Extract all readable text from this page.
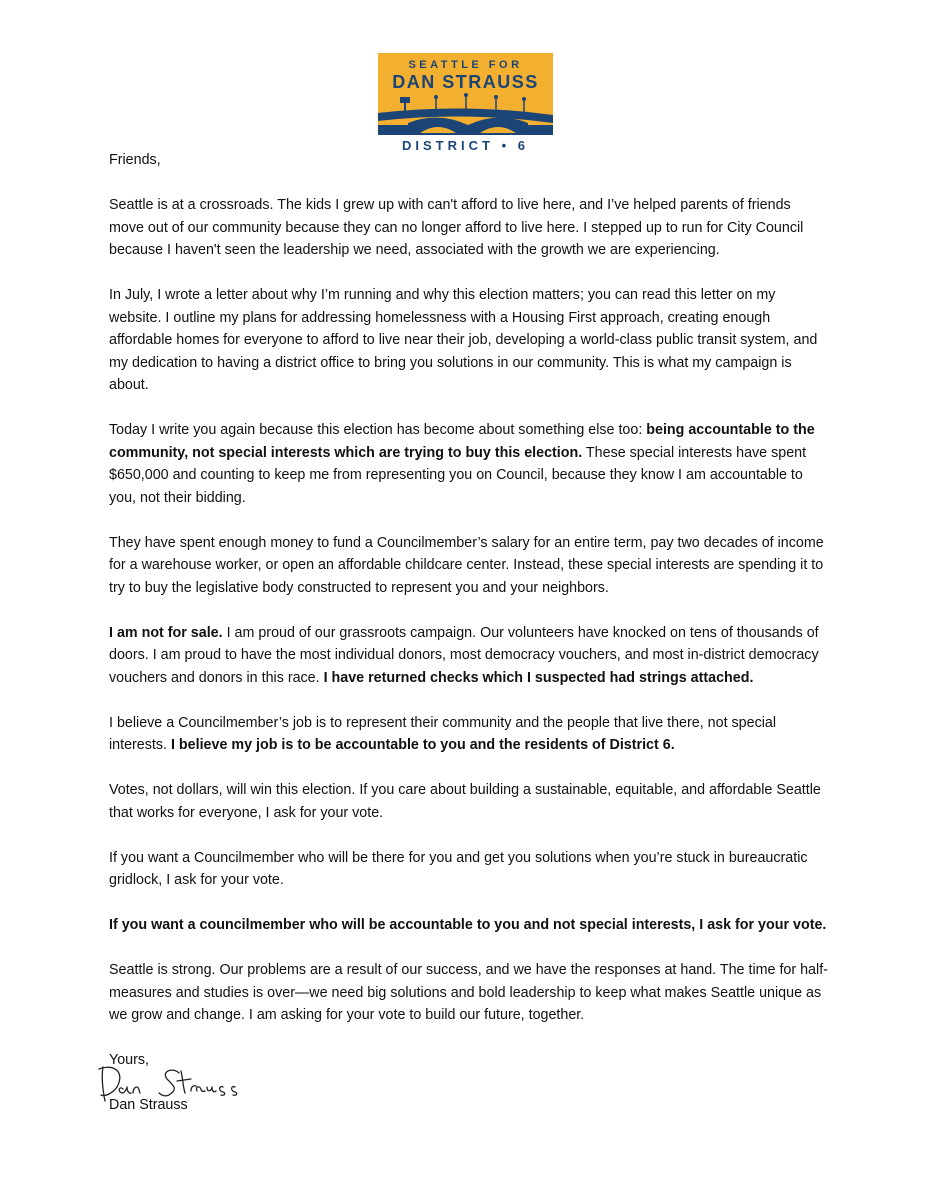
SEATTLE FOR
DAN STRAUSS
DISTRICT • 6

Friends,

Seattle is at a crossroads. The kids I grew up with can't afford to live here, and I’ve helped parents of friends move out of our community because they can no longer afford to live here. I stepped up to run for City Council because I haven't seen the leadership we need, associated with the growth we are experiencing.

In July, I wrote a letter about why I’m running and why this election matters; you can read this letter on my website. I outline my plans for addressing homelessness with a Housing First approach, creating enough affordable homes for everyone to afford to live near their job, developing a world-class public transit system, and my dedication to having a district office to bring you solutions in our community. This is what my campaign is about.

Today I write you again because this election has become about something else too: being accountable to the community, not special interests which are trying to buy this election. These special interests have spent $650,000 and counting to keep me from representing you on Council, because they know I am accountable to you, not their bidding.

They have spent enough money to fund a Councilmember’s salary for an entire term, pay two decades of income for a warehouse worker, or open an affordable childcare center. Instead, these special interests are spending it to try to buy the legislative body constructed to represent you and your neighbors.

I am not for sale. I am proud of our grassroots campaign. Our volunteers have knocked on tens of thousands of doors. I am proud to have the most individual donors, most democracy vouchers, and most in-district democracy vouchers and donors in this race. I have returned checks which I suspected had strings attached.

I believe a Councilmember’s job is to represent their community and the people that live there, not special interests. I believe my job is to be accountable to you and the residents of District 6.

Votes, not dollars, will win this election. If you care about building a sustainable, equitable, and affordable Seattle that works for everyone, I ask for your vote.

If you want a Councilmember who will be there for you and get you solutions when you’re stuck in bureaucratic gridlock, I ask for your vote.

If you want a councilmember who will be accountable to you and not special interests, I ask for your vote.

Seattle is strong. Our problems are a result of our success, and we have the responses at hand. The time for half-measures and studies is over—we need big solutions and bold leadership to keep what makes Seattle unique as we grow and change. I am asking for your vote to build our future, together.

Yours,
Dan Strauss
